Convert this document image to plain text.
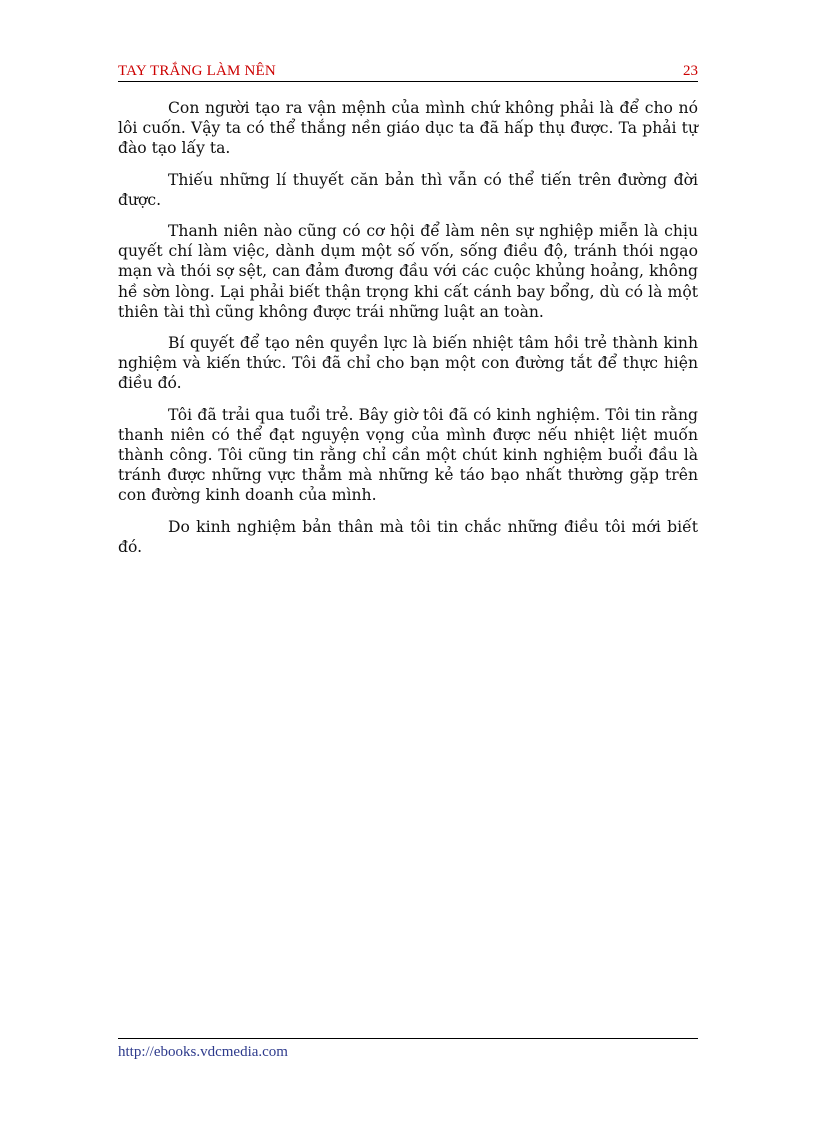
TAY TRẮNG LÀM NÊN	23

Con người tạo ra vận mệnh của mình chứ không phải là để cho nó lôi cuốn. Vậy ta có thể thắng nền giáo dục ta đã hấp thụ được. Ta phải tự đào tạo lấy ta.

Thiếu những lí thuyết căn bản thì vẫn có thể tiến trên đường đời được.

Thanh niên nào cũng có cơ hội để làm nên sự nghiệp miễn là chịu quyết chí làm việc, dành dụm một số vốn, sống điều độ, tránh thói ngạo mạn và thói sợ sệt, can đảm đương đầu với các cuộc khủng hoảng, không hề sờn lòng. Lại phải biết thận trọng khi cất cánh bay bổng, dù có là một thiên tài thì cũng không được trái những luật an toàn.

Bí quyết để tạo nên quyền lực là biến nhiệt tâm hồi trẻ thành kinh nghiệm và kiến thức. Tôi đã chỉ cho bạn một con đường tắt để thực hiện điều đó.

Tôi đã trải qua tuổi trẻ. Bây giờ tôi đã có kinh nghiệm. Tôi tin rằng thanh niên có thể đạt nguyện vọng của mình được nếu nhiệt liệt muốn thành công. Tôi cũng tin rằng chỉ cần một chút kinh nghiệm buổi đầu là tránh được những vực thẳm mà những kẻ táo bạo nhất thường gặp trên con đường kinh doanh của mình.

Do kinh nghiệm bản thân mà tôi tin chắc những điều tôi mới biết đó.

http://ebooks.vdcmedia.com
